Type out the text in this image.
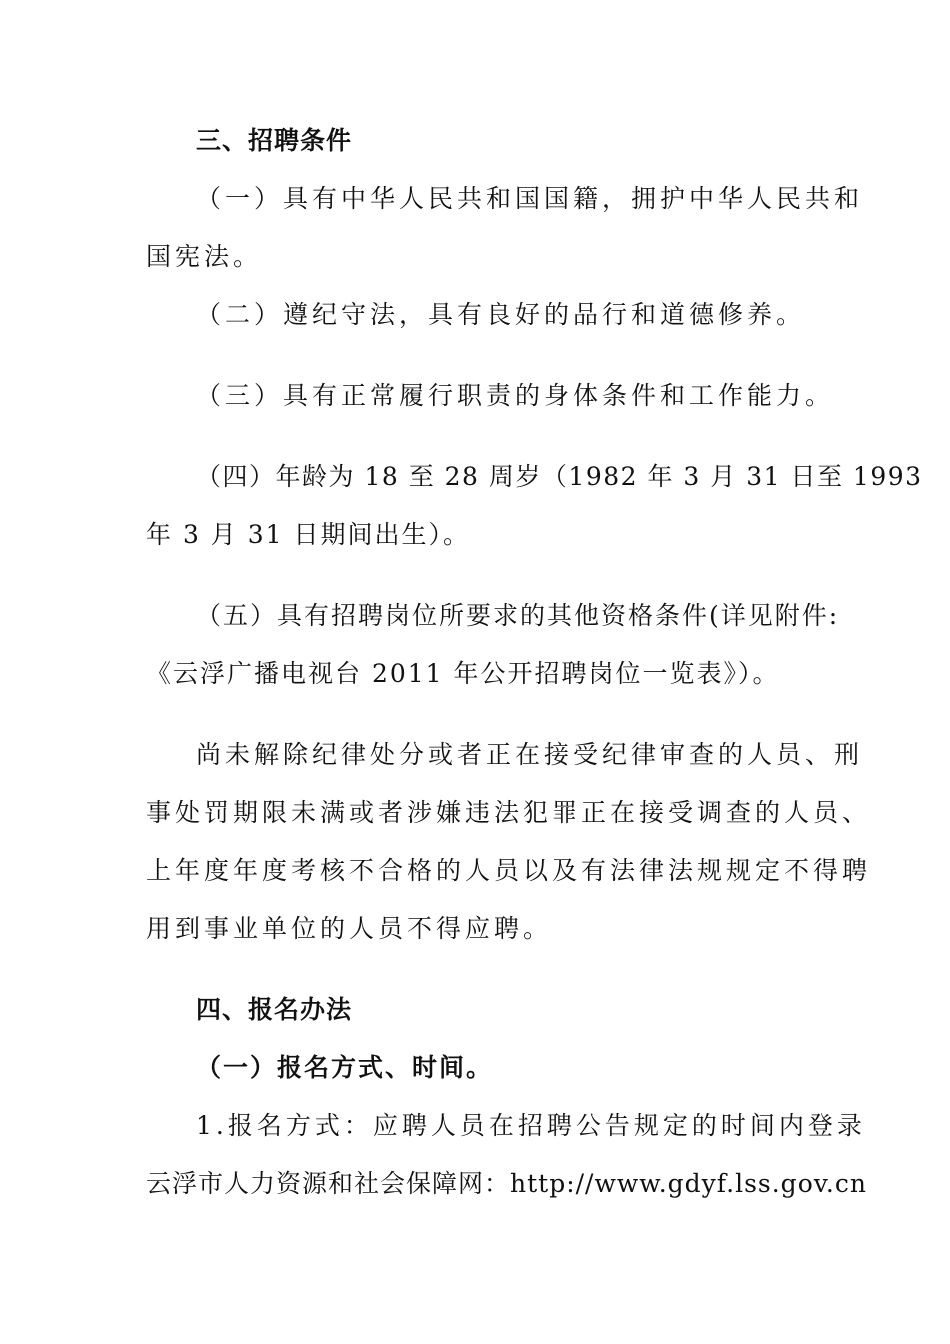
三、招聘条件
（一）具有中华人民共和国国籍，拥护中华人民共和
国宪法。
（二）遵纪守法，具有良好的品行和道德修养。
（三）具有正常履行职责的身体条件和工作能力。
（四）年龄为 18 至 28 周岁（1982 年 3 月 31 日至 1993
年 3 月 31 日期间出生）。
（五）具有招聘岗位所要求的其他资格条件(详见附件:
《云浮广播电视台 2011 年公开招聘岗位一览表》）。
尚未解除纪律处分或者正在接受纪律审查的人员、刑
事处罚期限未满或者涉嫌违法犯罪正在接受调查的人员、
上年度年度考核不合格的人员以及有法律法规规定不得聘
用到事业单位的人员不得应聘。
四、报名办法
（一）报名方式、时间。
1.报名方式：应聘人员在招聘公告规定的时间内登录
云浮市人力资源和社会保障网：http://www.gdyf.lss.gov.cn
